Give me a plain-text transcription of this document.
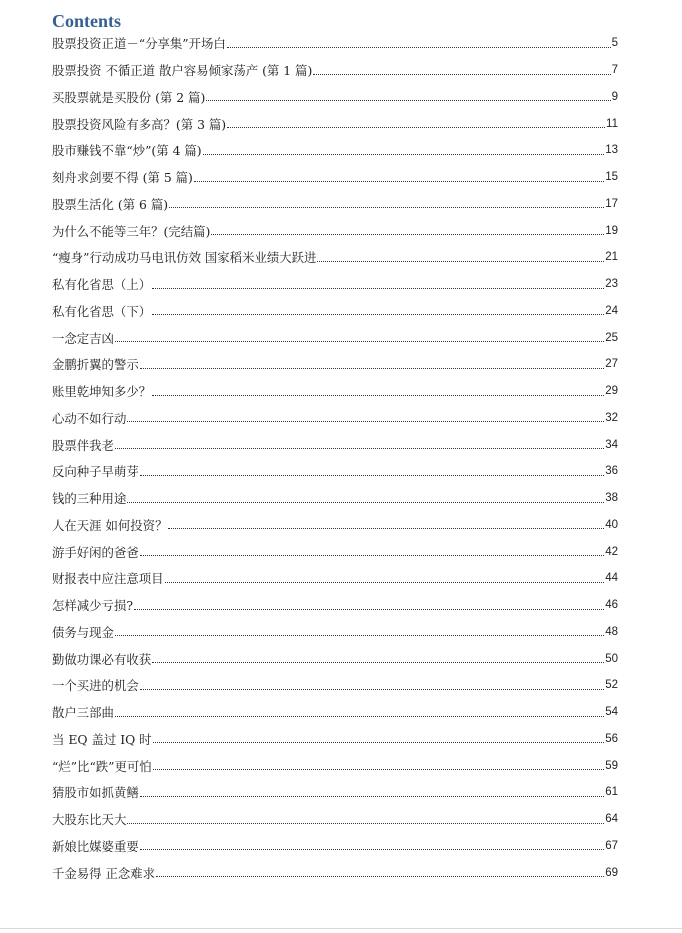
Contents
股票投资正道－“分享集”开场白	5
股票投资 不循正道 散户容易倾家荡产 (第 1 篇)	7
买股票就是买股份 (第 2 篇)	9
股票投资风险有多高？(第 3 篇)	11
股市赚钱不靠“炒”(第 4 篇)	13
刻舟求剑要不得 (第 5 篇)	15
股票生活化 (第 6 篇)	17
为什么不能等三年？(完结篇)	19
“瘦身”行动成功马电讯仿效 国家稻米业绩大跃进	21
私有化省思（上）	23
私有化省思（下）	24
一念定吉凶	25
金鹏折翼的警示	27
账里乾坤知多少？	29
心动不如行动	32
股票伴我老	34
反向种子早萌芽	36
钱的三种用途	38
人在天涯 如何投资？	40
游手好闲的爸爸	42
财报表中应注意项目	44
怎样减少亏损?	46
债务与现金	48
勤做功课必有收获	50
一个买进的机会	52
散户三部曲	54
当 EQ 盖过 IQ 时	56
“烂”比“跌”更可怕	59
猜股市如抓黄鳝	61
大股东比天大	64
新娘比媒婆重要	67
千金易得 正念难求	69
